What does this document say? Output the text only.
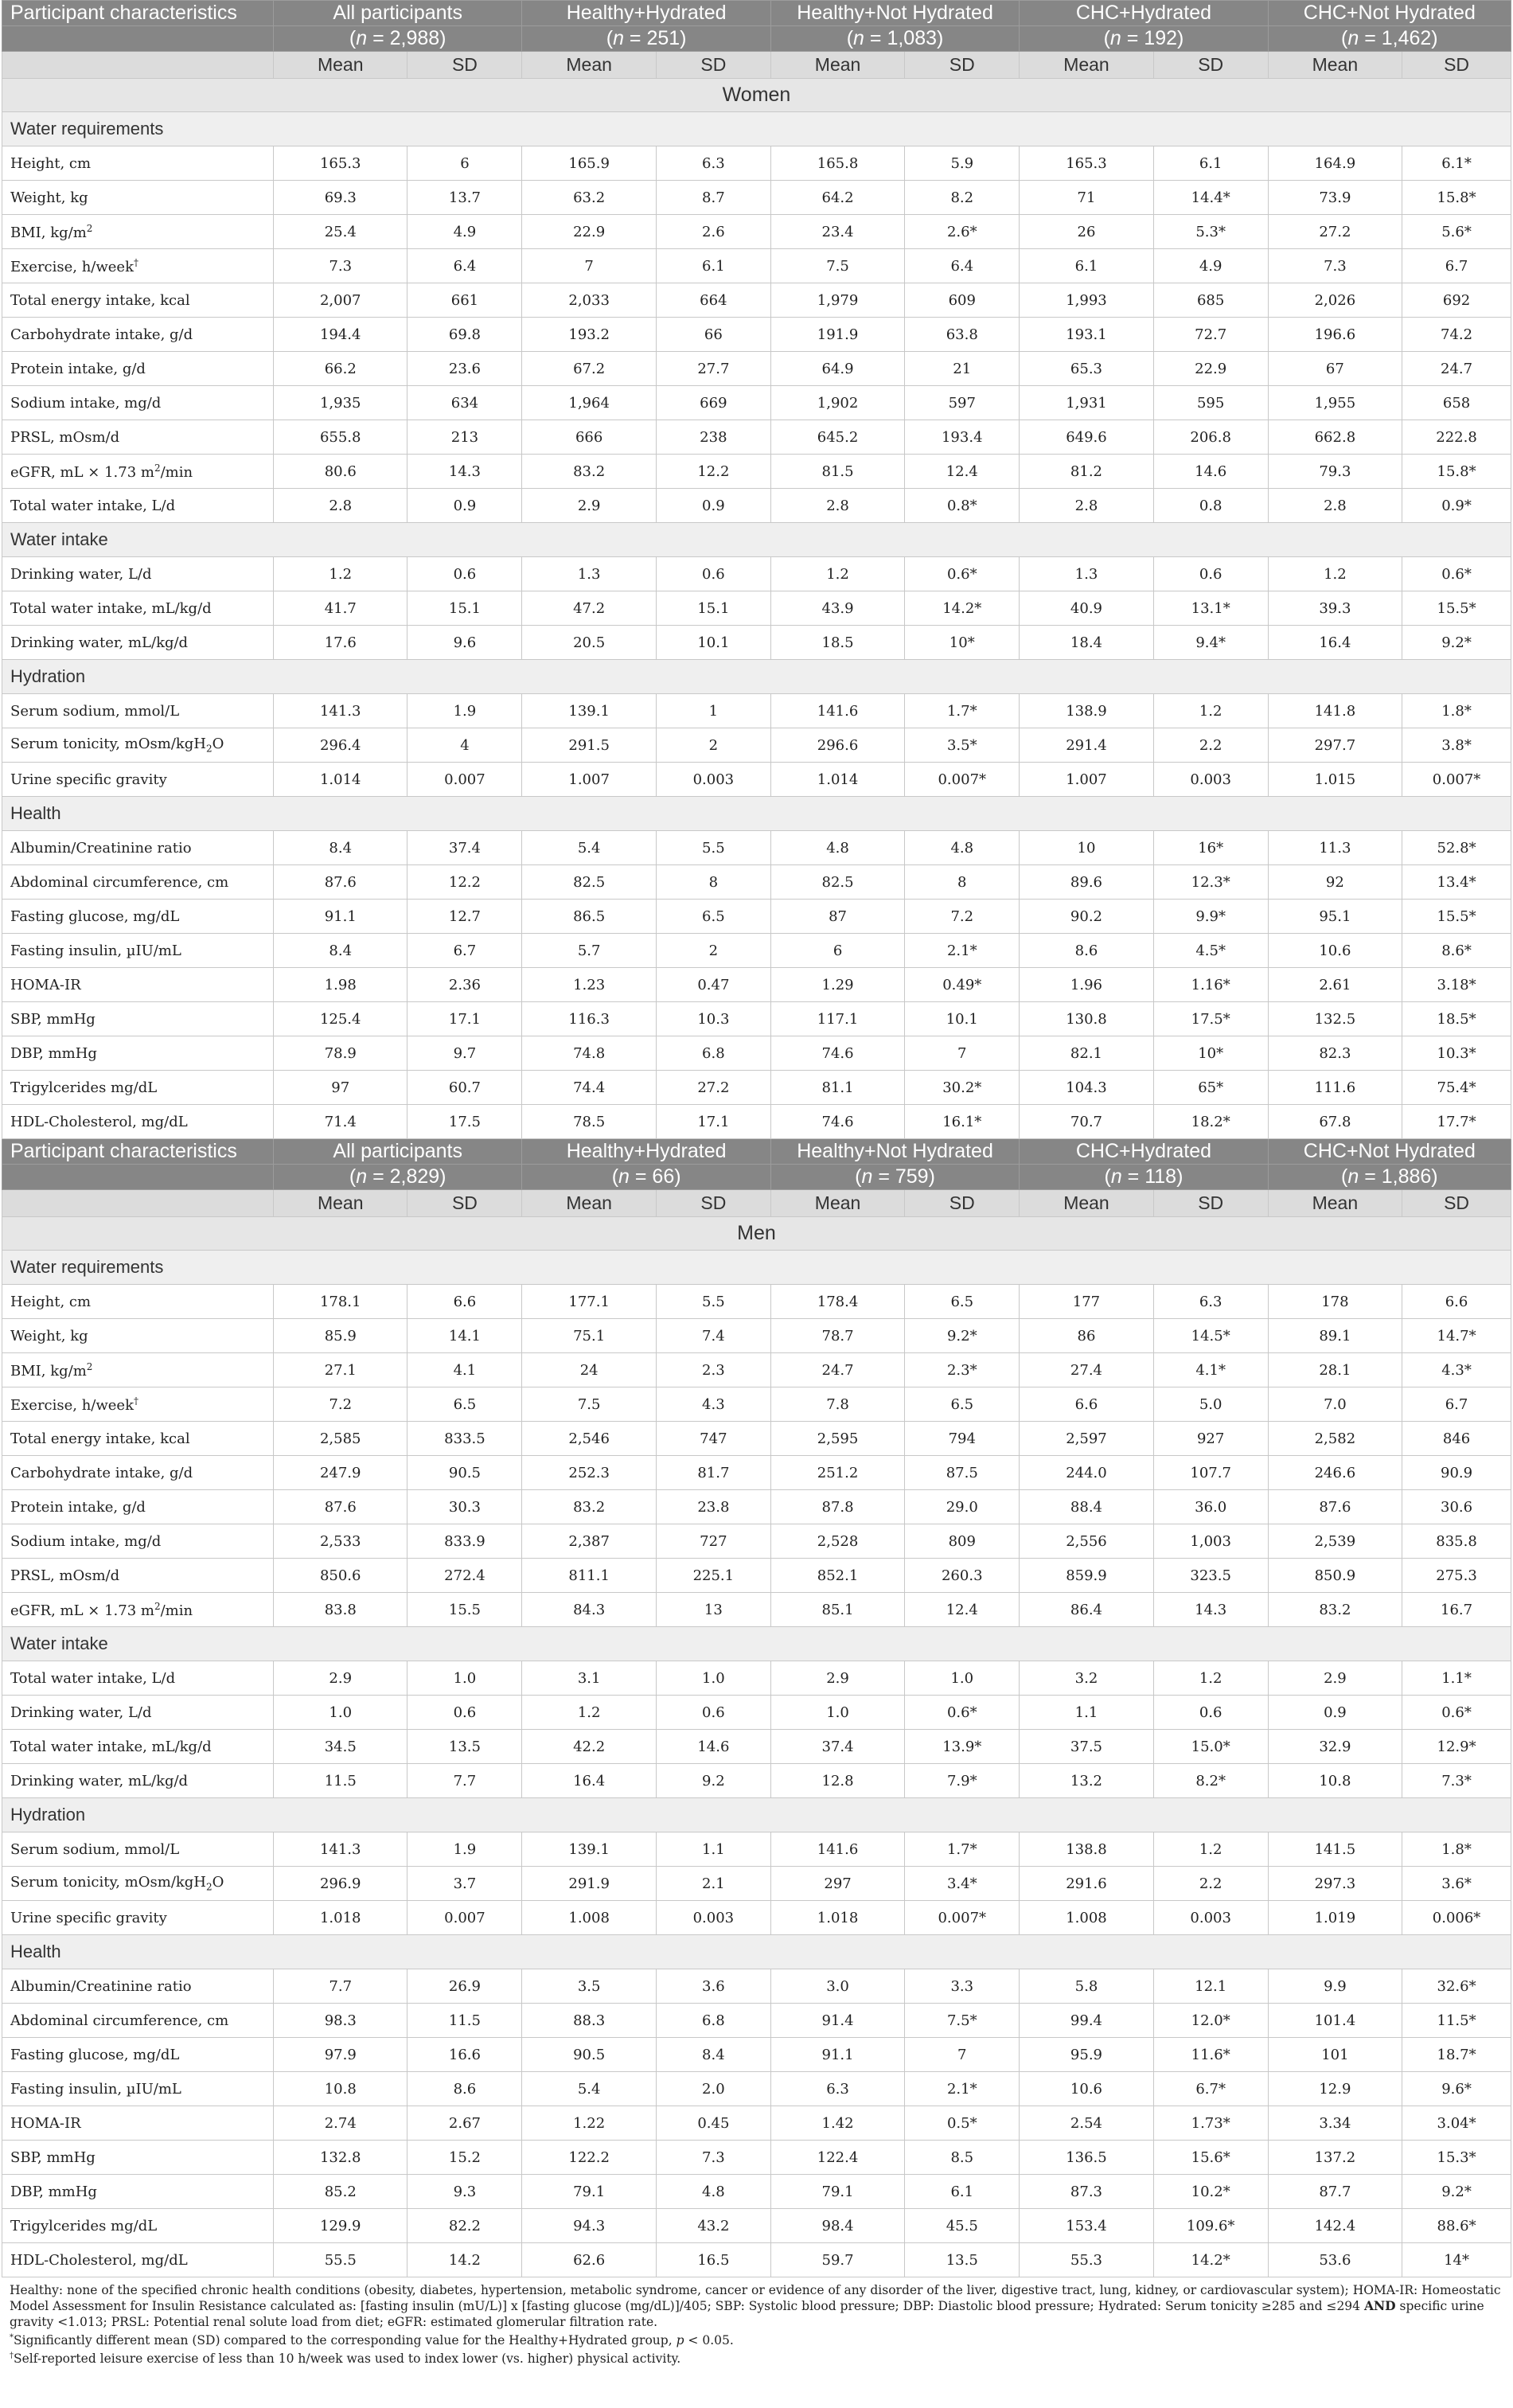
Participant characteristics	All participants		Healthy+Hydrated		Healthy+Not Hydrated		CHC+Hydrated		CHC+Not Hydrated	
	(n = 2,988)		(n = 251)		(n = 1,083)		(n = 192)		(n = 1,462)	
	Mean	SD	Mean	SD	Mean	SD	Mean	SD	Mean	SD
Women										
Water requirements										
Height, cm	165.3	6	165.9	6.3	165.8	5.9	165.3	6.1	164.9	6.1*
Weight, kg	69.3	13.7	63.2	8.7	64.2	8.2	71	14.4*	73.9	15.8*
BMI, $kg/m^2$	25.4	4.9	22.9	2.6	23.4	2.6*	26	5.3*	27.2	5.6*
Exercise, h/week†	7.3	6.4	7	6.1	7.5	6.4	6.1	4.9	7.3	6.7
Total energy intake, kcal	2,007	661	2,033	664	1,979	609	1,993	685	2,026	692
Carbohydrate intake, g/d	194.4	69.8	193.2	66	191.9	63.8	193.1	72.7	196.6	74.2
Protein intake, g/d	66.2	23.6	67.2	27.7	64.9	21	65.3	22.9	67	24.7
Sodium intake, mg/d	1,935	634	1,964	669	1,902	597	1,931	595	1,955	658
PRSL, mOsm/d	655.8	213	666	238	645.2	193.4	649.6	206.8	662.8	222.8
eGFR, mL × 1.73 $m^2/\min$	80.6	14.3	83.2	12.2	81.5	12.4	81.2	14.6	79.3	15.8*
Total water intake, L/d	2.8	0.9	2.9	0.9	2.8	0.8*	2.8	0.8	2.8	0.9*
Water intake										
Drinking water, L/d	1.2	0.6	1.3	0.6	1.2	0.6*	1.3	0.6	1.2	0.6*
Total water intake, mL/kg/d	41.7	15.1	47.2	15.1	43.9	14.2*	40.9	13.1*	39.3	15.5*
Drinking water, mL/kg/d	17.6	9.6	20.5	10.1	18.5	10*	18.4	9.4*	16.4	9.2*
Hydration										
Serum sodium, mmol/L	141.3	1.9	139.1	1	141.6	1.7*	138.9	1.2	141.8	1.8*
Serum tonicity, mOsm/kgH$_2$O	296.4	4	291.5	2	296.6	3.5*	291.4	2.2	297.7	3.8*
Urine specific gravity	1.014	0.007	1.007	0.003	1.014	0.007*	1.007	0.003	1.015	0.007*
Health										
Albumin/Creatinine ratio	8.4	37.4	5.4	5.5	4.8	4.8	10	16*	11.3	52.8*
Abdominal circumference, cm	87.6	12.2	82.5	8	82.5	8	89.6	12.3*	92	13.4*
Fasting glucose, mg/dL	91.1	12.7	86.5	6.5	87	7.2	90.2	9.9*	95.1	15.5*
Fasting insulin, µIU/mL	8.4	6.7	5.7	2	6	2.1*	8.6	4.5*	10.6	8.6*
HOMA-IR	1.98	2.36	1.23	0.47	1.29	0.49*	1.96	1.16*	2.61	3.18*
SBP, mmHg	125.4	17.1	116.3	10.3	117.1	10.1	130.8	17.5*	132.5	18.5*
DBP, mmHg	78.9	9.7	74.8	6.8	74.6	7	82.1	10*	82.3	10.3*
Trigylcerides mg/dL	97	60.7	74.4	27.2	81.1	30.2*	104.3	65*	111.6	75.4*
HDL-Cholesterol, mg/dL	71.4	17.5	78.5	17.1	74.6	16.1*	70.7	18.2*	67.8	17.7*
Participant characteristics	All participants		Healthy+Hydrated		Healthy+Not Hydrated		CHC+Hydrated		CHC+Not Hydrated	
	(n = 2,829)		(n = 66)		(n = 759)		(n = 118)		(n = 1,886)	
	Mean	SD	Mean	SD	Mean	SD	Mean	SD	Mean	SD
Men										
Water requirements										
Height, cm	178.1	6.6	177.1	5.5	178.4	6.5	177	6.3	178	6.6
Weight, kg	85.9	14.1	75.1	7.4	78.7	9.2*	86	14.5*	89.1	14.7*
BMI, $kg/m^2$	27.1	4.1	24	2.3	24.7	2.3*	27.4	4.1*	28.1	4.3*
Exercise, h/week†	7.2	6.5	7.5	4.3	7.8	6.5	6.6	5.0	7.0	6.7
Total energy intake, kcal	2,585	833.5	2,546	747	2,595	794	2,597	927	2,582	846
Carbohydrate intake, g/d	247.9	90.5	252.3	81.7	251.2	87.5	244.0	107.7	246.6	90.9
Protein intake, g/d	87.6	30.3	83.2	23.8	87.8	29.0	88.4	36.0	87.6	30.6
Sodium intake, mg/d	2,533	833.9	2,387	727	2,528	809	2,556	1,003	2,539	835.8
PRSL, mOsm/d	850.6	272.4	811.1	225.1	852.1	260.3	859.9	323.5	850.9	275.3
eGFR, mL × 1.73 $m^2/\min$	83.8	15.5	84.3	13	85.1	12.4	86.4	14.3	83.2	16.7
Water intake										
Total water intake, L/d	2.9	1.0	3.1	1.0	2.9	1.0	3.2	1.2	2.9	1.1*
Drinking water, L/d	1.0	0.6	1.2	0.6	1.0	0.6*	1.1	0.6	0.9	0.6*
Total water intake, mL/kg/d	34.5	13.5	42.2	14.6	37.4	13.9*	37.5	15.0*	32.9	12.9*
Drinking water, mL/kg/d	11.5	7.7	16.4	9.2	12.8	7.9*	13.2	8.2*	10.8	7.3*
Hydration										
Serum sodium, mmol/L	141.3	1.9	139.1	1.1	141.6	1.7*	138.8	1.2	141.5	1.8*
Serum tonicity, mOsm/kgH$_2$O	296.9	3.7	291.9	2.1	297	3.4*	291.6	2.2	297.3	3.6*
Urine specific gravity	1.018	0.007	1.008	0.003	1.018	0.007*	1.008	0.003	1.019	0.006*
Health										
Albumin/Creatinine ratio	7.7	26.9	3.5	3.6	3.0	3.3	5.8	12.1	9.9	32.6*
Abdominal circumference, cm	98.3	11.5	88.3	6.8	91.4	7.5*	99.4	12.0*	101.4	11.5*
Fasting glucose, mg/dL	97.9	16.6	90.5	8.4	91.1	7	95.9	11.6*	101	18.7*
Fasting insulin, µIU/mL	10.8	8.6	5.4	2.0	6.3	2.1*	10.6	6.7*	12.9	9.6*
HOMA-IR	2.74	2.67	1.22	0.45	1.42	0.5*	2.54	1.73*	3.34	3.04*
SBP, mmHg	132.8	15.2	122.2	7.3	122.4	8.5	136.5	15.6*	137.2	15.3*
DBP, mmHg	85.2	9.3	79.1	4.8	79.1	6.1	87.3	10.2*	87.7	9.2*
Trigylcerides mg/dL	129.9	82.2	94.3	43.2	98.4	45.5	153.4	109.6*	142.4	88.6*
HDL-Cholesterol, mg/dL	55.5	14.2	62.6	16.5	59.7	13.5	55.3	14.2*	53.6	14*
Healthy: none of the specified chronic health conditions (obesity, diabetes, hypertension, metabolic syndrome, cancer or evidence of any disorder of the liver, digestive tract, lung, kidney, or cardiovascular system); HOMA-IR: Homeostatic Model Assessment for Insulin Resistance calculated as: [fasting insulin (mU/L)] x [fasting glucose (mg/dL)]/405; SBP: Systolic blood pressure; DBP: Diastolic blood pressure; Hydrated: Serum tonicity ≥285 and ≤294 AND specific urine gravity <1.013; PRSL: Potential renal solute load from diet; eGFR: estimated glomerular filtration rate.
*Significantly different mean (SD) compared to the corresponding value for the Healthy+Hydrated group, p < 0.05.
†Self-reported leisure exercise of less than 10 h/week was used to index lower (vs. higher) physical activity.
